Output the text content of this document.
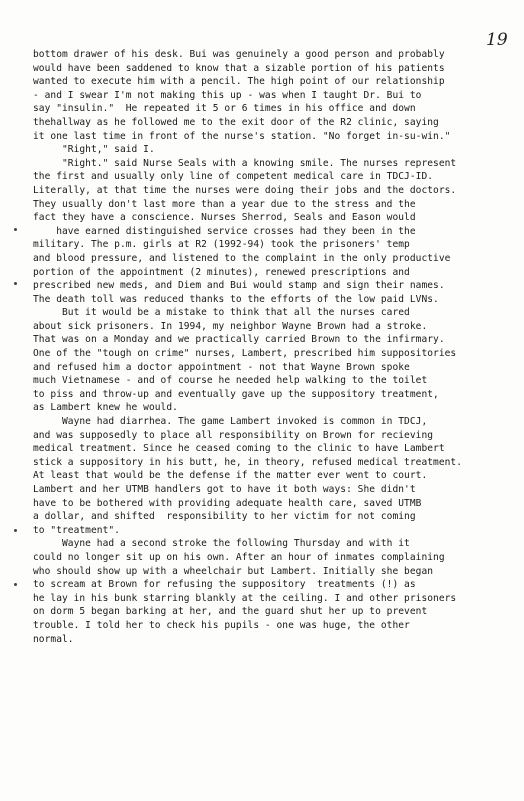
19
bottom drawer of his desk. Bui was genuinely a good person and probably
would have been saddened to know that a sizable portion of his patients
wanted to execute him with a pencil. The high point of our relationship
- and I swear I'm not making this up - was when I taught Dr. Bui to
say "insulin."  He repeated it 5 or 6 times in his office and down
thehallway as he followed me to the exit door of the R2 clinic, saying
it one last time in front of the nurse's station. "No forget in-su-win."
"Right," said I.
"Right." said Nurse Seals with a knowing smile. The nurses represent
the first and usually only line of competent medical care in TDCJ-ID.
Literally, at that time the nurses were doing their jobs and the doctors.
They usually don't last more than a year due to the stress and the
fact they have a conscience. Nurses Sherrod, Seals and Eason would
have earned distinguished service crosses had they been in the
military. The p.m. girls at R2 (1992-94) took the prisoners' temp
and blood pressure, and listened to the complaint in the only productive
portion of the appointment (2 minutes), renewed prescriptions and
prescribed new meds, and Diem and Bui would stamp and sign their names.
The death toll was reduced thanks to the efforts of the low paid LVNs.
But it would be a mistake to think that all the nurses cared
about sick prisoners. In 1994, my neighbor Wayne Brown had a stroke.
That was on a Monday and we practically carried Brown to the infirmary.
One of the "tough on crime" nurses, Lambert, prescribed him suppositories
and refused him a doctor appointment - not that Wayne Brown spoke
much Vietnamese - and of course he needed help walking to the toilet
to piss and throw-up and eventually gave up the suppository treatment,
as Lambert knew he would.
Wayne had diarrhea. The game Lambert invoked is common in TDCJ,
and was supposedly to place all responsibility on Brown for recieving
medical treatment. Since he ceased coming to the clinic to have Lambert
stick a suppository in his butt, he, in theory, refused medical treatment.
At least that would be the defense if the matter ever went to court.
Lambert and her UTMB handlers got to have it both ways: She didn't
have to be bothered with providing adequate health care, saved UTMB
a dollar, and shifted  responsibility to her victim for not coming
to "treatment".
Wayne had a second stroke the following Thursday and with it
could no longer sit up on his own. After an hour of inmates complaining
who should show up with a wheelchair but Lambert. Initially she began
to scream at Brown for refusing the suppository  treatments (!) as
he lay in his bunk starring blankly at the ceiling. I and other prisoners
on dorm 5 began barking at her, and the guard shut her up to prevent
trouble. I told her to check his pupils - one was huge, the other
normal.
